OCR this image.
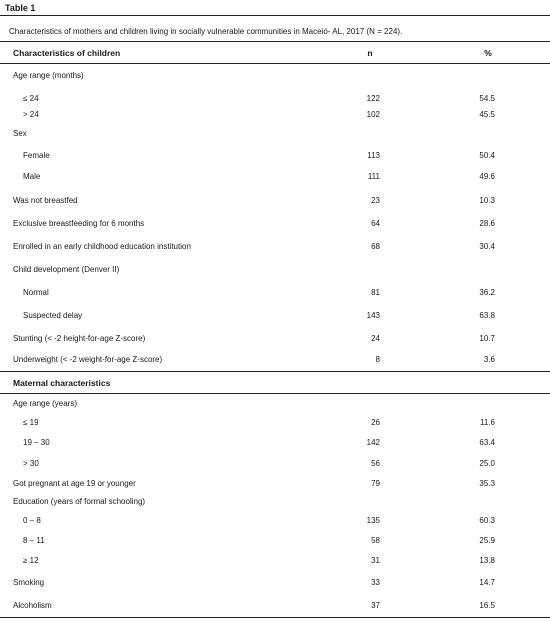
Table 1
Characteristics of mothers and children living in socially vulnerable communities in Maceió- AL, 2017 (N = 224).
Characteristics of children	n	%
Age range (months)
≤ 24	122	54.5
> 24	102	45.5
Sex
Female	113	50.4
Male	111	49.6
Was not breastfed	23	10.3
Exclusive breastfeeding for 6 months	64	28.6
Enrolled in an early childhood education institution	68	30.4
Child development (Denver II)
Normal	81	36.2
Suspected delay	143	63.8
Stunting (< -2 height-for-age Z-score)	24	10.7
Underweight (< -2 weight-for-age Z-score)	8	3.6
Maternal characteristics
Age range (years)
≤ 19	26	11.6
19 – 30	142	63.4
> 30	56	25.0
Got pregnant at age 19 or younger	79	35.3
Education (years of formal schooling)
0 – 8	135	60.3
8 – 11	58	25.9
≥ 12	31	13.8
Smoking	33	14.7
Alcoholism	37	16.5
